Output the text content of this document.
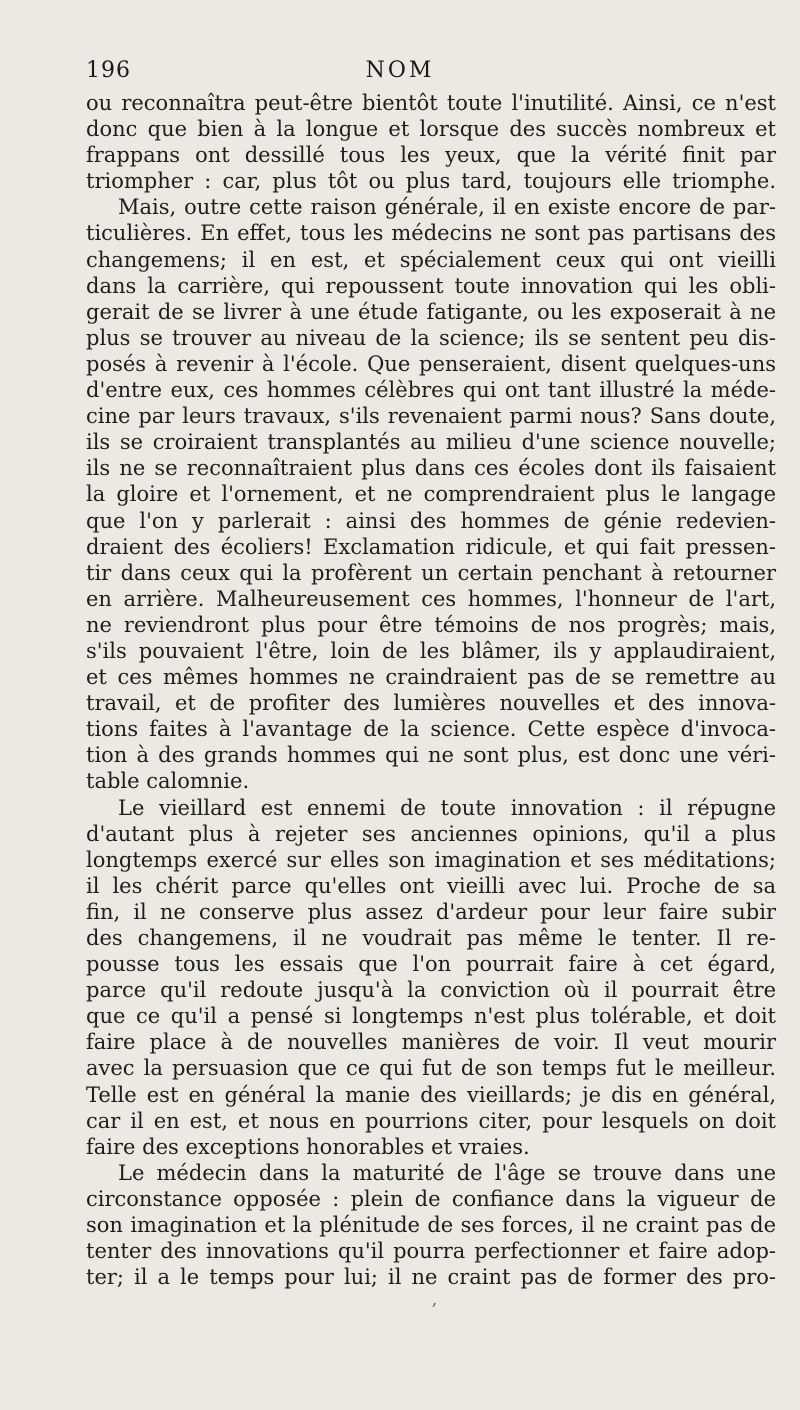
196	NOM
ou reconnaîtra peut-être bientôt toute l'inutilité. Ainsi, ce n'est
donc que bien à la longue et lorsque des succès nombreux et
frappans ont dessillé tous les yeux, que la vérité finit par
triompher : car, plus tôt ou plus tard, toujours elle triomphe.
Mais, outre cette raison générale, il en existe encore de par-
ticulières. En effet, tous les médecins ne sont pas partisans des
changemens; il en est, et spécialement ceux qui ont vieilli
dans la carrière, qui repoussent toute innovation qui les obli-
gerait de se livrer à une étude fatigante, ou les exposerait à ne
plus se trouver au niveau de la science; ils se sentent peu dis-
posés à revenir à l'école. Que penseraient, disent quelques-uns
d'entre eux, ces hommes célèbres qui ont tant illustré la méde-
cine par leurs travaux, s'ils revenaient parmi nous? Sans doute,
ils se croiraient transplantés au milieu d'une science nouvelle;
ils ne se reconnaîtraient plus dans ces écoles dont ils faisaient
la gloire et l'ornement, et ne comprendraient plus le langage
que l'on y parlerait : ainsi des hommes de génie redevien-
draient des écoliers! Exclamation ridicule, et qui fait pressen-
tir dans ceux qui la profèrent un certain penchant à retourner
en arrière. Malheureusement ces hommes, l'honneur de l'art,
ne reviendront plus pour être témoins de nos progrès; mais,
s'ils pouvaient l'être, loin de les blâmer, ils y applaudiraient,
et ces mêmes hommes ne craindraient pas de se remettre au
travail, et de profiter des lumières nouvelles et des innova-
tions faites à l'avantage de la science. Cette espèce d'invoca-
tion à des grands hommes qui ne sont plus, est donc une véri-
table calomnie.
Le vieillard est ennemi de toute innovation : il répugne
d'autant plus à rejeter ses anciennes opinions, qu'il a plus
longtemps exercé sur elles son imagination et ses méditations;
il les chérit parce qu'elles ont vieilli avec lui. Proche de sa
fin, il ne conserve plus assez d'ardeur pour leur faire subir
des changemens, il ne voudrait pas même le tenter. Il re-
pousse tous les essais que l'on pourrait faire à cet égard,
parce qu'il redoute jusqu'à la conviction où il pourrait être
que ce qu'il a pensé si longtemps n'est plus tolérable, et doit
faire place à de nouvelles manières de voir. Il veut mourir
avec la persuasion que ce qui fut de son temps fut le meilleur.
Telle est en général la manie des vieillards; je dis en général,
car il en est, et nous en pourrions citer, pour lesquels on doit
faire des exceptions honorables et vraies.
Le médecin dans la maturité de l'âge se trouve dans une
circonstance opposée : plein de confiance dans la vigueur de
son imagination et la plénitude de ses forces, il ne craint pas de
tenter des innovations qu'il pourra perfectionner et faire adop-
ter; il a le temps pour lui; il ne craint pas de former des pro-
,
